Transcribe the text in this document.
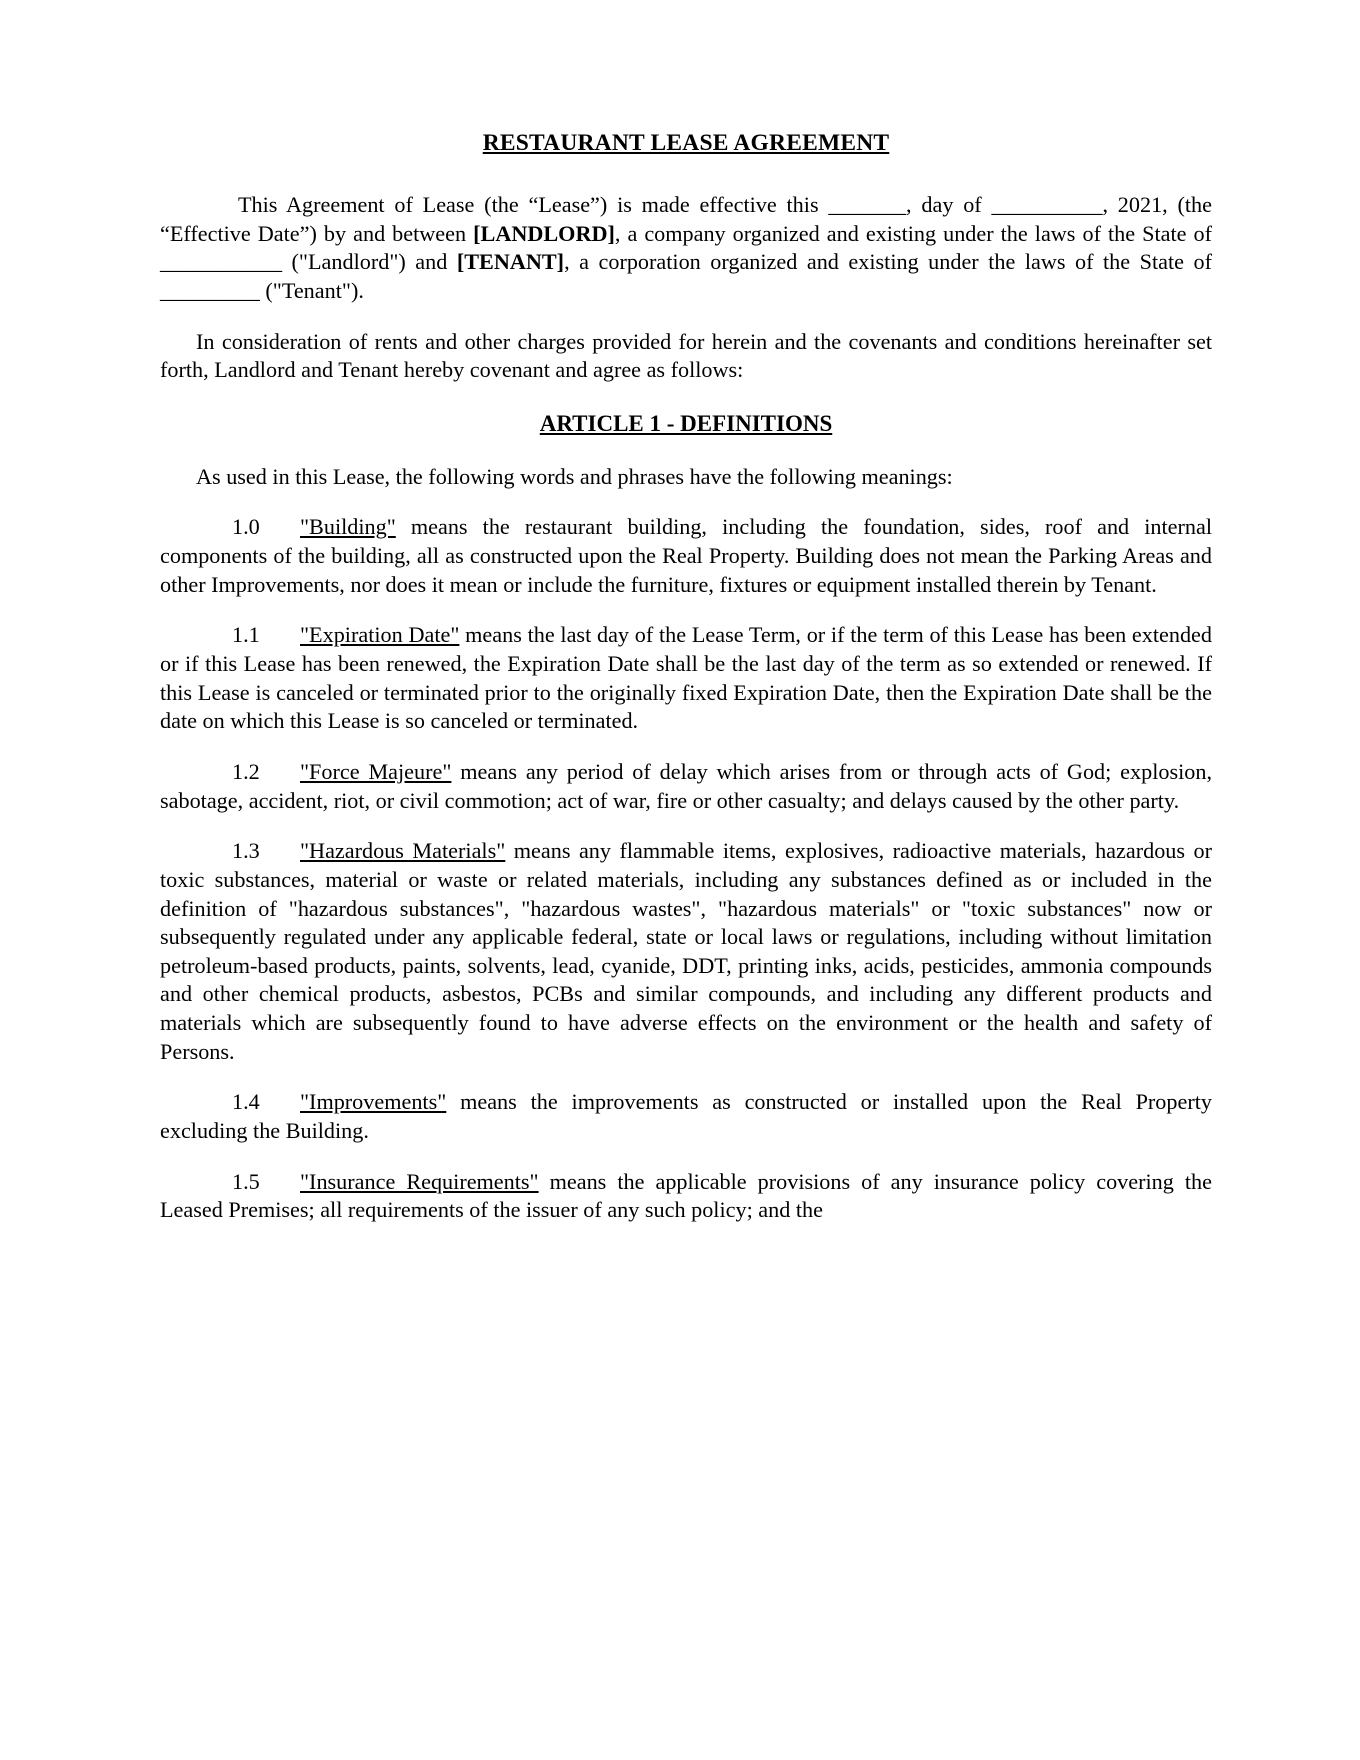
RESTAURANT LEASE AGREEMENT

This Agreement of Lease (the “Lease”) is made effective this _______, day of __________, 2021, (the “Effective Date”) by and between [LANDLORD], a company organized and existing under the laws of the State of ___________ ("Landlord") and [TENANT], a corporation organized and existing under the laws of the State of _________ ("Tenant").

In consideration of rents and other charges provided for herein and the covenants and conditions hereinafter set forth, Landlord and Tenant hereby covenant and agree as follows:

ARTICLE 1 - DEFINITIONS

As used in this Lease, the following words and phrases have the following meanings:

1.0 "Building" means the restaurant building, including the foundation, sides, roof and internal components of the building, all as constructed upon the Real Property. Building does not mean the Parking Areas and other Improvements, nor does it mean or include the furniture, fixtures or equipment installed therein by Tenant.

1.1 "Expiration Date" means the last day of the Lease Term, or if the term of this Lease has been extended or if this Lease has been renewed, the Expiration Date shall be the last day of the term as so extended or renewed. If this Lease is canceled or terminated prior to the originally fixed Expiration Date, then the Expiration Date shall be the date on which this Lease is so canceled or terminated.

1.2 "Force Majeure" means any period of delay which arises from or through acts of God; explosion, sabotage, accident, riot, or civil commotion; act of war, fire or other casualty; and delays caused by the other party.

1.3 "Hazardous Materials" means any flammable items, explosives, radioactive materials, hazardous or toxic substances, material or waste or related materials, including any substances defined as or included in the definition of "hazardous substances", "hazardous wastes", "hazardous materials" or "toxic substances" now or subsequently regulated under any applicable federal, state or local laws or regulations, including without limitation petroleum-based products, paints, solvents, lead, cyanide, DDT, printing inks, acids, pesticides, ammonia compounds and other chemical products, asbestos, PCBs and similar compounds, and including any different products and materials which are subsequently found to have adverse effects on the environment or the health and safety of Persons.

1.4 "Improvements" means the improvements as constructed or installed upon the Real Property excluding the Building.

1.5 "Insurance Requirements" means the applicable provisions of any insurance policy covering the Leased Premises; all requirements of the issuer of any such policy; and the
